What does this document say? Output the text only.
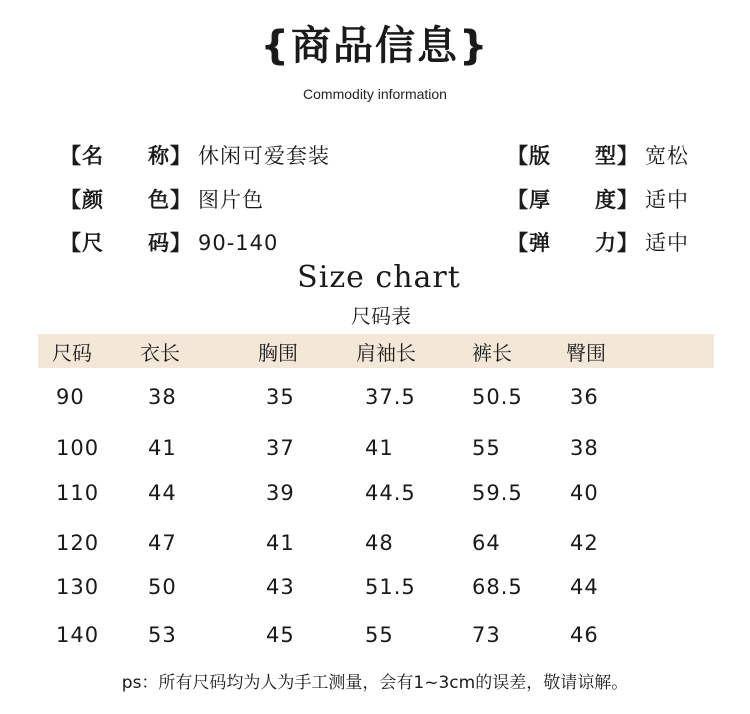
{商品信息}
Commodity information
【名　　称】 休闲可爱套装
【颜　　色】 图片色
【尺　　码】 90-140
【版　　型】 宽松
【厚　　度】 适中
【弹　　力】 适中
Size chart
尺码表
尺码 衣长	胸围	肩袖长	裤长	臀围
90	38	35	37.5	50.5 36
100 41	37	41	55	38
110 44	39	44.5	59.5 40
120 47	41	48	64	42
130 50	43	51.5	68.5 44
140 53	45	55	73	46
ps：所有尺码均为人为手工测量，会有1~3cm的误差，敬请谅解。
